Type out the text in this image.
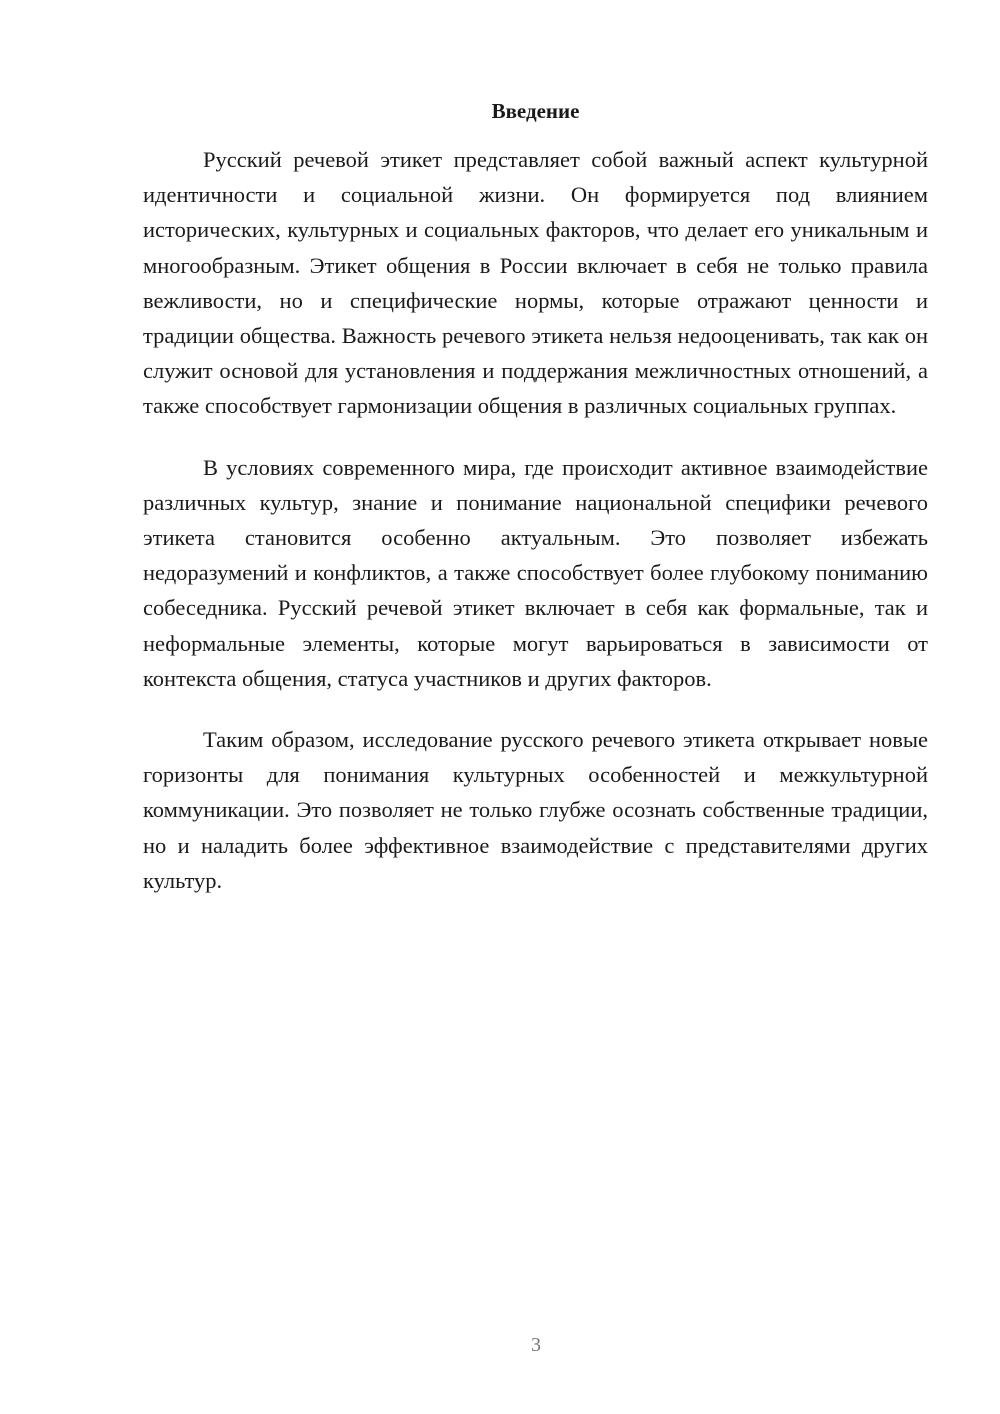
Введение

Русский речевой этикет представляет собой важный аспект культурной идентичности и социальной жизни. Он формируется под влиянием исторических, культурных и социальных факторов, что делает его уникальным и многообразным. Этикет общения в России включает в себя не только правила вежливости, но и специфические нормы, которые отражают ценности и традиции общества. Важность речевого этикета нельзя недооценивать, так как он служит основой для установления и поддержания межличностных отношений, а также способствует гармонизации общения в различных социальных группах.

В условиях современного мира, где происходит активное взаимодействие различных культур, знание и понимание национальной специфики речевого этикета становится особенно актуальным. Это позволяет избежать недоразумений и конфликтов, а также способствует более глубокому пониманию собеседника. Русский речевой этикет включает в себя как формальные, так и неформальные элементы, которые могут варьироваться в зависимости от контекста общения, статуса участников и других факторов.

Таким образом, исследование русского речевого этикета открывает новые горизонты для понимания культурных особенностей и межкультурной коммуникации. Это позволяет не только глубже осознать собственные традиции, но и наладить более эффективное взаимодействие с представителями других культур.

3
